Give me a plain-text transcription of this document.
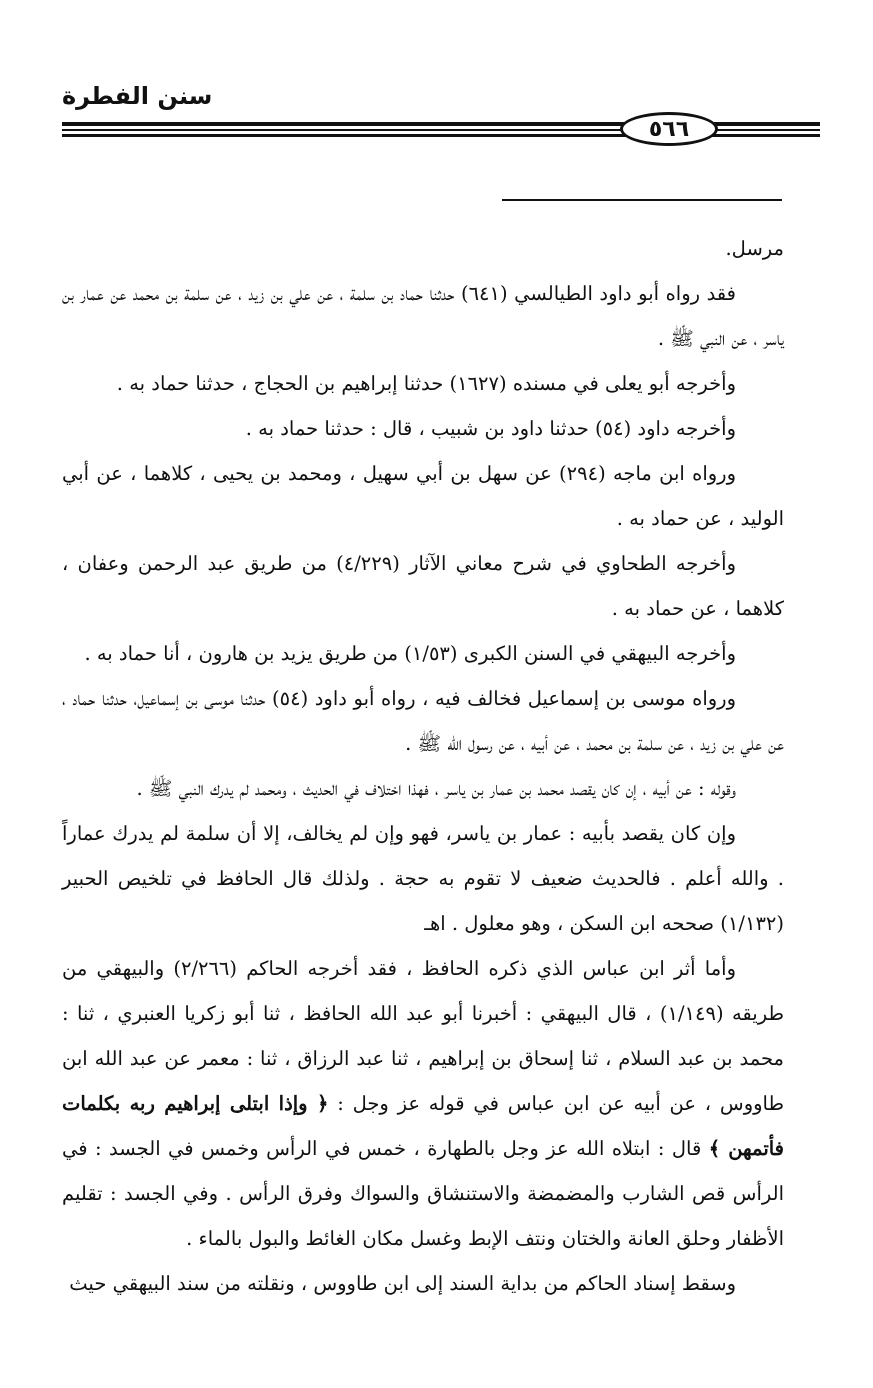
سنن الفطرة
٥٦٦

مرسل.

فقد رواه أبو داود الطيالسي (٦٤١) حدثنا حماد بن سلمة ، عن علي بن زيد ، عن سلمة بن محمد عن عمار بن ياسر ، عن النبي ﷺ .

وأخرجه أبو يعلى في مسنده (١٦٢٧) حدثنا إبراهيم بن الحجاج ، حدثنا حماد به .

وأخرجه داود (٥٤) حدثنا داود بن شبيب ، قال : حدثنا حماد به .

ورواه ابن ماجه (٢٩٤) عن سهل بن أبي سهيل ، ومحمد بن يحيى ، كلاهما ، عن أبي الوليد ، عن حماد به .

وأخرجه الطحاوي في شرح معاني الآثار (٤/٢٢٩) من طريق عبد الرحمن وعفان ، كلاهما ، عن حماد به .

وأخرجه البيهقي في السنن الكبرى (١/٥٣) من طريق يزيد بن هارون ، أنا حماد به .

ورواه موسى بن إسماعيل فخالف فيه ، رواه أبو داود (٥٤) حدثنا موسى بن إسماعيل، حدثنا حماد ، عن علي بن زيد ، عن سلمة بن محمد ، عن أبيه ، عن رسول الله ﷺ .

وقوله : عن أبيه ، إن كان يقصد محمد بن عمار بن ياسر ، فهذا اختلاف في الحديث ، ومحمد لم يدرك النبي ﷺ .

وإن كان يقصد بأبيه : عمار بن ياسر، فهو وإن لم يخالف، إلا أن سلمة لم يدرك عماراً . والله أعلم . فالحديث ضعيف لا تقوم به حجة . ولذلك قال الحافظ في تلخيص الحبير (١/١٣٢) صححه ابن السكن ، وهو معلول . اهـ

وأما أثر ابن عباس الذي ذكره الحافظ ، فقد أخرجه الحاكم (٢/٢٦٦) والبيهقي من طريقه (١/١٤٩) ، قال البيهقي : أخبرنا أبو عبد الله الحافظ ، ثنا أبو زكريا العنبري ، ثنا : محمد بن عبد السلام ، ثنا إسحاق بن إبراهيم ، ثنا عبد الرزاق ، ثنا : معمر عن عبد الله ابن طاووس ، عن أبيه عن ابن عباس في قوله عز وجل : ﴿ وإذا ابتلى إبراهيم ربه بكلمات فأتمهن ﴾ قال : ابتلاه الله عز وجل بالطهارة ، خمس في الرأس وخمس في الجسد : في الرأس قص الشارب والمضمضة والاستنشاق والسواك وفرق الرأس . وفي الجسد : تقليم الأظفار وحلق العانة والختان ونتف الإبط وغسل مكان الغائط والبول بالماء .

وسقط إسناد الحاكم من بداية السند إلى ابن طاووس ، ونقلته من سند البيهقي حيث
